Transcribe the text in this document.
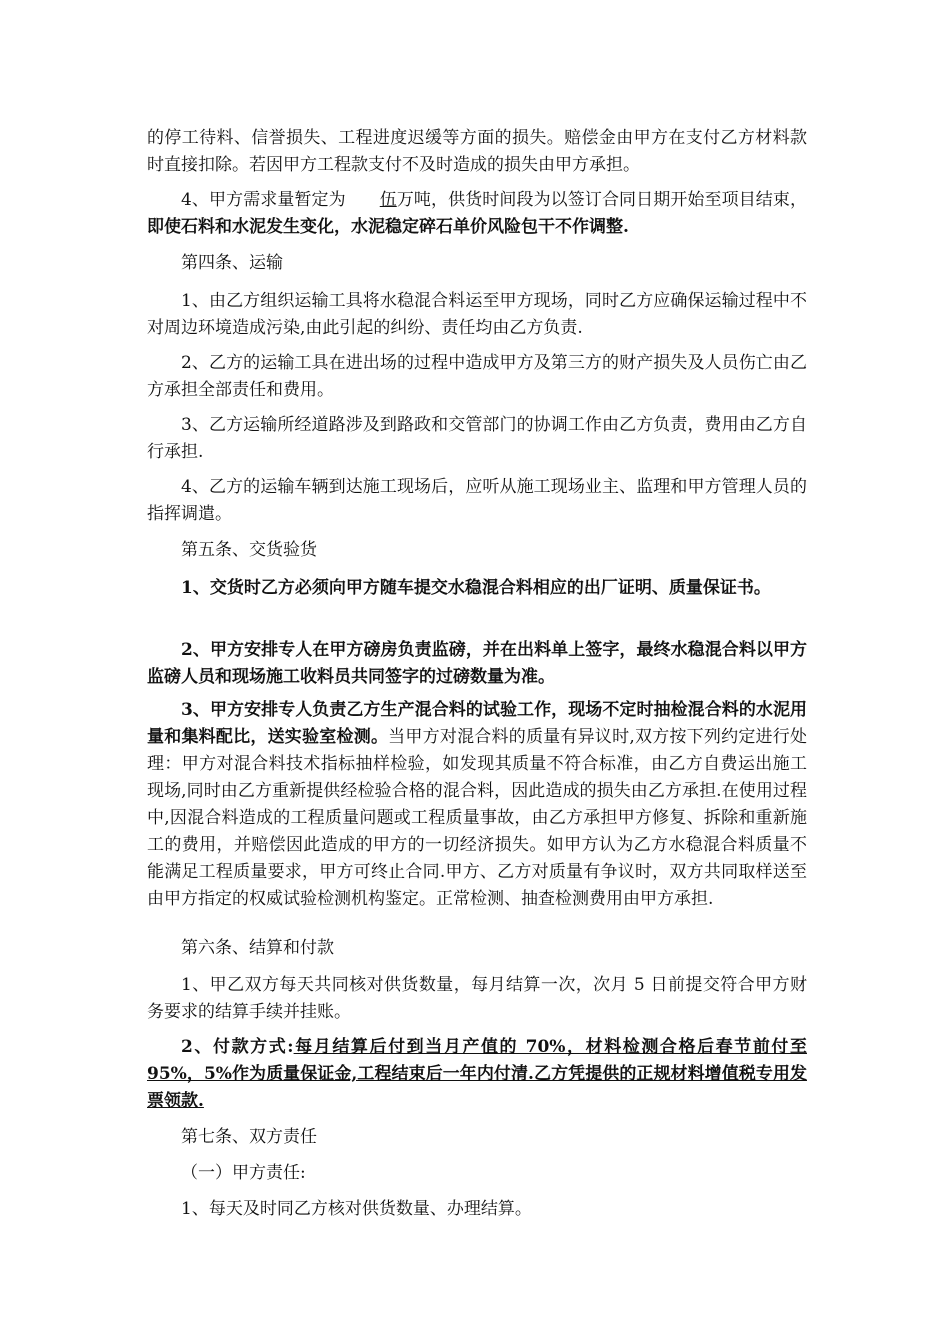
的停工待料、信誉损失、工程进度迟缓等方面的损失。赔偿金由甲方在支付乙方材料款时直接扣除。若因甲方工程款支付不及时造成的损失由甲方承担。

4、甲方需求量暂定为 伍万吨，供货时间段为以签订合同日期开始至项目结束，即使石料和水泥发生变化，水泥稳定碎石单价风险包干不作调整.

第四条、运输

1、由乙方组织运输工具将水稳混合料运至甲方现场，同时乙方应确保运输过程中不对周边环境造成污染,由此引起的纠纷、责任均由乙方负责.

2、乙方的运输工具在进出场的过程中造成甲方及第三方的财产损失及人员伤亡由乙方承担全部责任和费用。

3、乙方运输所经道路涉及到路政和交管部门的协调工作由乙方负责，费用由乙方自行承担.

4、乙方的运输车辆到达施工现场后，应听从施工现场业主、监理和甲方管理人员的指挥调遣。

第五条、交货验货

1、交货时乙方必须向甲方随车提交水稳混合料相应的出厂证明、质量保证书。

2、甲方安排专人在甲方磅房负责监磅，并在出料单上签字，最终水稳混合料以甲方监磅人员和现场施工收料员共同签字的过磅数量为准。

3、甲方安排专人负责乙方生产混合料的试验工作，现场不定时抽检混合料的水泥用量和集料配比，送实验室检测。当甲方对混合料的质量有异议时,双方按下列约定进行处理：甲方对混合料技术指标抽样检验，如发现其质量不符合标准，由乙方自费运出施工现场,同时由乙方重新提供经检验合格的混合料，因此造成的损失由乙方承担.在使用过程中,因混合料造成的工程质量问题或工程质量事故，由乙方承担甲方修复、拆除和重新施工的费用，并赔偿因此造成的甲方的一切经济损失。如甲方认为乙方水稳混合料质量不能满足工程质量要求，甲方可终止合同.甲方、乙方对质量有争议时，双方共同取样送至由甲方指定的权威试验检测机构鉴定。正常检测、抽查检测费用由甲方承担.

第六条、结算和付款

1、甲乙双方每天共同核对供货数量，每月结算一次，次月 5 日前提交符合甲方财务要求的结算手续并挂账。

2、付款方式:每月结算后付到当月产值的 70%，材料检测合格后春节前付至 95%，5%作为质量保证金,工程结束后一年内付清.乙方凭提供的正规材料增值税专用发票领款.

第七条、双方责任

（一）甲方责任:

1、每天及时同乙方核对供货数量、办理结算。
